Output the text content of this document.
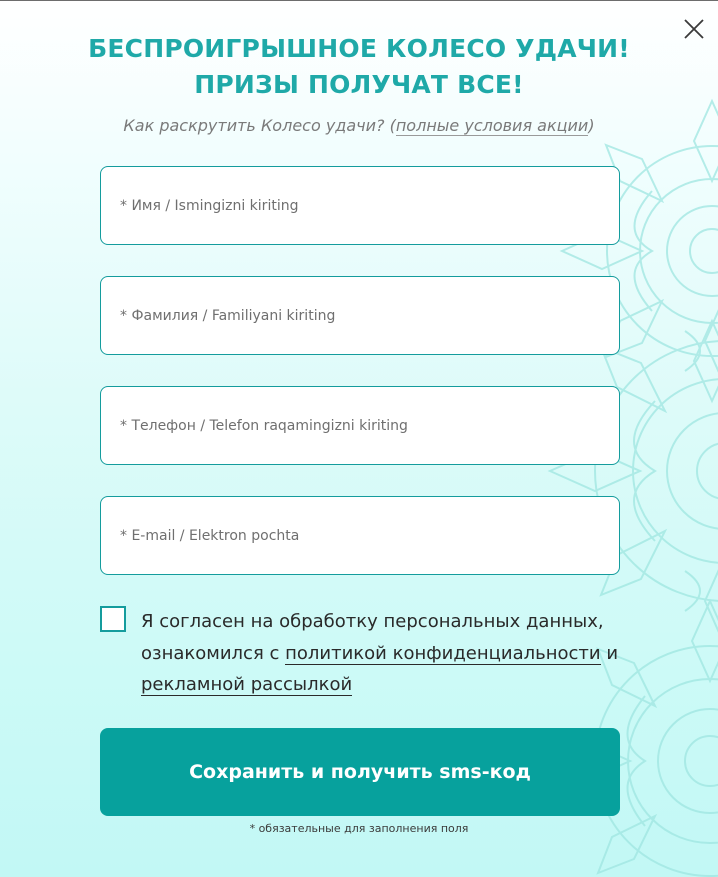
БЕСПРОИГРЫШНОЕ КОЛЕСО УДАЧИ!
ПРИЗЫ ПОЛУЧАТ ВСЕ!
Как раскрутить Колесо удачи? (полные условия акции)
* Имя / Ismingizni kiriting
* Фамилия / Familiyani kiriting
* Телефон / Telefon raqamingizni kiriting
* E-mail / Elektron pochta
Я согласен на обработку персональных данных, ознакомился с политикой конфиденциальности и рекламной рассылкой
Сохранить и получить sms-код
* обязательные для заполнения поля
